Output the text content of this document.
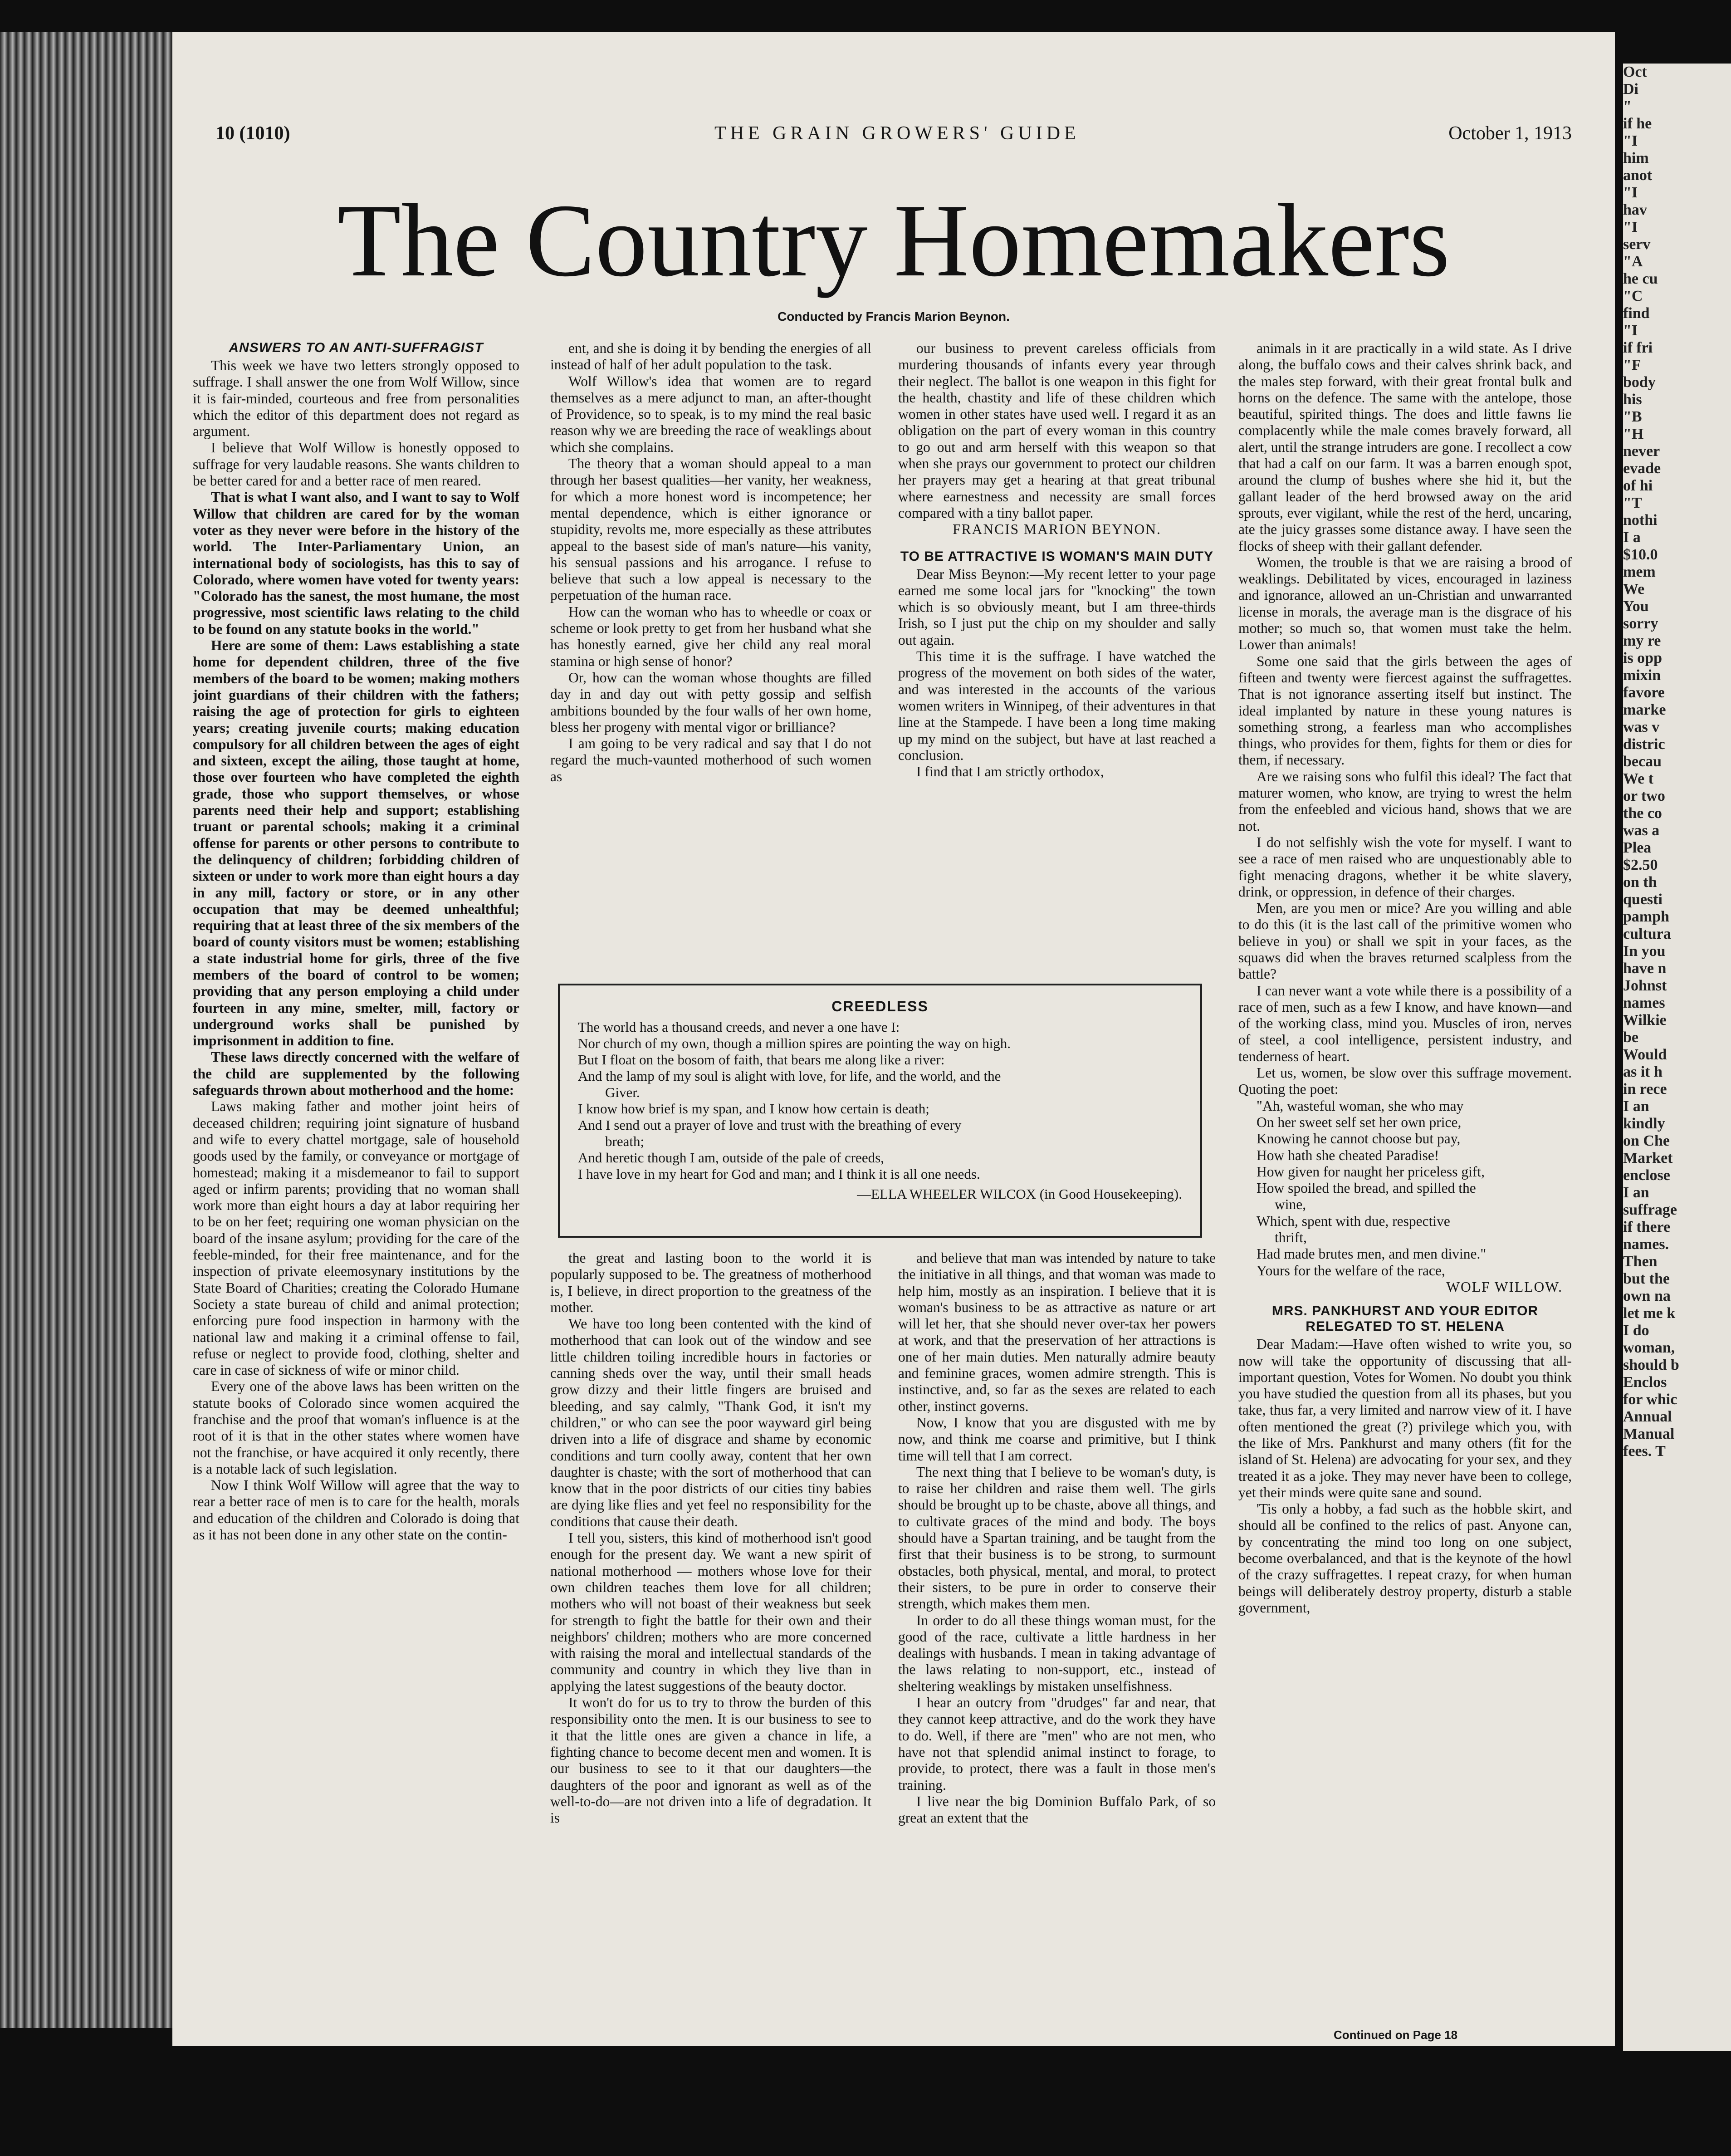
10 (1010)	THE GRAIN GROWERS' GUIDE	October 1, 1913
The Country Homemakers
Conducted by Francis Marion Beynon.
ANSWERS TO AN ANTI-SUFFRAGIST

This week we have two letters strongly opposed to suffrage. I shall answer the one from Wolf Willow, since it is fair-minded, courteous and free from personalities which the editor of this department does not regard as argument.

I believe that Wolf Willow is honestly opposed to suffrage for very laudable reasons. She wants children to be better cared for and a better race of men reared.

That is what I want also, and I want to say to Wolf Willow that children are cared for by the woman voter as they never were before in the history of the world. The Inter-Parliamentary Union, an international body of sociologists, has this to say of Colorado, where women have voted for twenty years: "Colorado has the sanest, the most humane, the most progressive, most scientific laws relating to the child to be found on any statute books in the world."

Here are some of them: Laws establishing a state home for dependent children, three of the five members of the board to be women; making mothers joint guardians of their children with the fathers; raising the age of protection for girls to eighteen years; creating juvenile courts; making education compulsory for all children between the ages of eight and sixteen, except the ailing, those taught at home, those over fourteen who have completed the eighth grade, those who support themselves, or whose parents need their help and support; establishing truant or parental schools; making it a criminal offense for parents or other persons to contribute to the delinquency of children; forbidding children of sixteen or under to work more than eight hours a day in any mill, factory or store, or in any other occupation that may be deemed unhealthful; requiring that at least three of the six members of the board of county visitors must be women; establishing a state industrial home for girls, three of the five members of the board of control to be women; providing that any person employing a child under fourteen in any mine, smelter, mill, factory or underground works shall be punished by imprisonment in addition to fine.

These laws directly concerned with the welfare of the child are supplemented by the following safeguards thrown about motherhood and the home:

Laws making father and mother joint heirs of deceased children; requiring joint signature of husband and wife to every chattel mortgage, sale of household goods used by the family, or conveyance or mortgage of homestead; making it a misdemeanor to fail to support aged or infirm parents; providing that no woman shall work more than eight hours a day at labor requiring her to be on her feet; requiring one woman physician on the board of the insane asylum; providing for the care of the feeble-minded, for their free maintenance, and for the inspection of private eleemosynary institutions by the State Board of Charities; creating the Colorado Humane Society a state bureau of child and animal protection; enforcing pure food inspection in harmony with the national law and making it a criminal offense to fail, refuse or neglect to provide food, clothing, shelter and care in case of sickness of wife or minor child.

Every one of the above laws has been written on the statute books of Colorado since women acquired the franchise and the proof that woman's influence is at the root of it is that in the other states where women have not the franchise, or have acquired it only recently, there is a notable lack of such legislation.

Now I think Wolf Willow will agree that the way to rear a better race of men is to care for the health, morals and education of the children and Colorado is doing that as it has not been done in any other state on the contin-

ent, and she is doing it by bending the energies of all instead of half of her adult population to the task.

Wolf Willow's idea that women are to regard themselves as a mere adjunct to man, an after-thought of Providence, so to speak, is to my mind the real basic reason why we are breeding the race of weaklings about which she complains.

The theory that a woman should appeal to a man through her basest qualities—her vanity, her weakness, for which a more honest word is incompetence; her mental dependence, which is either ignorance or stupidity, revolts me, more especially as these attributes appeal to the basest side of man's nature—his vanity, his sensual passions and his arrogance. I refuse to believe that such a low appeal is necessary to the perpetuation of the human race.

How can the woman who has to wheedle or coax or scheme or look pretty to get from her husband what she has honestly earned, give her child any real moral stamina or high sense of honor?

Or, how can the woman whose thoughts are filled day in and day out with petty gossip and selfish ambitions bounded by the four walls of her own home, bless her progeny with mental vigor or brilliance?

I am going to be very radical and say that I do not regard the much-vaunted motherhood of such women as

our business to prevent careless officials from murdering thousands of infants every year through their neglect. The ballot is one weapon in this fight for the health, chastity and life of these children which women in other states have used well. I regard it as an obligation on the part of every woman in this country to go out and arm herself with this weapon so that when she prays our government to protect our children her prayers may get a hearing at that great tribunal where earnestness and necessity are small forces compared with a tiny ballot paper.

FRANCIS MARION BEYNON.

TO BE ATTRACTIVE IS WOMAN'S MAIN DUTY

Dear Miss Beynon:—My recent letter to your page earned me some local jars for "knocking" the town which is so obviously meant, but I am three-thirds Irish, so I just put the chip on my shoulder and sally out again.

This time it is the suffrage. I have watched the progress of the movement on both sides of the water, and was interested in the accounts of the various women writers in Winnipeg, of their adventures in that line at the Stampede. I have been a long time making up my mind on the subject, but have at last reached a conclusion.

I find that I am strictly orthodox,

animals in it are practically in a wild state. As I drive along, the buffalo cows and their calves shrink back, and the males step forward, with their great frontal bulk and horns on the defence. The same with the antelope, those beautiful, spirited things. The does and little fawns lie complacently while the male comes bravely forward, all alert, until the strange intruders are gone. I recollect a cow that had a calf on our farm. It was a barren enough spot, around the clump of bushes where she hid it, but the gallant leader of the herd browsed away on the arid sprouts, ever vigilant, while the rest of the herd, uncaring, ate the juicy grasses some distance away. I have seen the flocks of sheep with their gallant defender.

Women, the trouble is that we are raising a brood of weaklings. Debilitated by vices, encouraged in laziness and ignorance, allowed an un-Christian and unwarranted license in morals, the average man is the disgrace of his mother; so much so, that women must take the helm. Lower than animals!

Some one said that the girls between the ages of fifteen and twenty were fiercest against the suffragettes. That is not ignorance asserting itself but instinct. The ideal implanted by nature in these young natures is something strong, a fearless man who accomplishes things, who provides for them, fights for them or dies for them, if necessary.

Are we raising sons who fulfil this ideal? The fact that maturer women, who know, are trying to wrest the helm from the enfeebled and vicious hand, shows that we are not.

I do not selfishly wish the vote for myself. I want to see a race of men raised who are unquestionably able to fight menacing dragons, whether it be white slavery, drink, or oppression, in defence of their charges.

Men, are you men or mice? Are you willing and able to do this (it is the last call of the primitive women who believe in you) or shall we spit in your faces, as the squaws did when the braves returned scalpless from the battle?

I can never want a vote while there is a possibility of a race of men, such as a few I know, and have known—and of the working class, mind you. Muscles of iron, nerves of steel, a cool intelligence, persistent industry, and tenderness of heart.

Let us, women, be slow over this suffrage movement. Quoting the poet:

"Ah, wasteful woman, she who may

On her sweet self set her own price,

Knowing he cannot choose but pay,

How hath she cheated Paradise!

How given for naught her priceless gift,

How spoiled the bread, and spilled the

wine,

Which, spent with due, respective

thrift,

Had made brutes men, and men divine."

Yours for the welfare of the race,

WOLF WILLOW.

MRS. PANKHURST AND YOUR EDITOR RELEGATED TO ST. HELENA

Dear Madam:—Have often wished to write you, so now will take the opportunity of discussing that all-important question, Votes for Women. No doubt you think you have studied the question from all its phases, but you take, thus far, a very limited and narrow view of it. I have often mentioned the great (?) privilege which you, with the like of Mrs. Pankhurst and many others (fit for the island of St. Helena) are advocating for your sex, and they treated it as a joke. They may never have been to college, yet their minds were quite sane and sound.

'Tis only a hobby, a fad such as the hobble skirt, and should all be confined to the relics of past. Anyone can, by concentrating the mind too long on one subject, become overbalanced, and that is the keynote of the howl of the crazy suffragettes. I repeat crazy, for when human beings will deliberately destroy property, disturb a stable government,

CREEDLESS

The world has a thousand creeds, and never a one have I:

Nor church of my own, though a million spires are pointing the way on high.

But I float on the bosom of faith, that bears me along like a river:

And the lamp of my soul is alight with love, for life, and the world, and the

Giver.

I know how brief is my span, and I know how certain is death;

And I send out a prayer of love and trust with the breathing of every

breath;

And heretic though I am, outside of the pale of creeds,

I have love in my heart for God and man; and I think it is all one needs.

—ELLA WHEELER WILCOX (in Good Housekeeping).

the great and lasting boon to the world it is popularly supposed to be. The greatness of motherhood is, I believe, in direct proportion to the greatness of the mother.

We have too long been contented with the kind of motherhood that can look out of the window and see little children toiling incredible hours in factories or canning sheds over the way, until their small heads grow dizzy and their little fingers are bruised and bleeding, and say calmly, "Thank God, it isn't my children," or who can see the poor wayward girl being driven into a life of disgrace and shame by economic conditions and turn coolly away, content that her own daughter is chaste; with the sort of motherhood that can know that in the poor districts of our cities tiny babies are dying like flies and yet feel no responsibility for the conditions that cause their death.

I tell you, sisters, this kind of motherhood isn't good enough for the present day. We want a new spirit of national motherhood — mothers whose love for their own children teaches them love for all children; mothers who will not boast of their weakness but seek for strength to fight the battle for their own and their neighbors' children; mothers who are more concerned with raising the moral and intellectual standards of the community and country in which they live than in applying the latest suggestions of the beauty doctor.

It won't do for us to try to throw the burden of this responsibility onto the men. It is our business to see to it that the little ones are given a chance in life, a fighting chance to become decent men and women. It is our business to see to it that our daughters—the daughters of the poor and ignorant as well as of the well-to-do—are not driven into a life of degradation. It is

and believe that man was intended by nature to take the initiative in all things, and that woman was made to help him, mostly as an inspiration. I believe that it is woman's business to be as attractive as nature or art will let her, that she should never over-tax her powers at work, and that the preservation of her attractions is one of her main duties. Men naturally admire beauty and feminine graces, women admire strength. This is instinctive, and, so far as the sexes are related to each other, instinct governs.

Now, I know that you are disgusted with me by now, and think me coarse and primitive, but I think time will tell that I am correct.

The next thing that I believe to be woman's duty, is to raise her children and raise them well. The girls should be brought up to be chaste, above all things, and to cultivate graces of the mind and body. The boys should have a Spartan training, and be taught from the first that their business is to be strong, to surmount obstacles, both physical, mental, and moral, to protect their sisters, to be pure in order to conserve their strength, which makes them men.

In order to do all these things woman must, for the good of the race, cultivate a little hardness in her dealings with husbands. I mean in taking advantage of the laws relating to non-support, etc., instead of sheltering weaklings by mistaken unselfishness.

I hear an outcry from "drudges" far and near, that they cannot keep attractive, and do the work they have to do. Well, if there are "men" who are not men, who have not that splendid animal instinct to forage, to provide, to protect, there was a fault in those men's training.

I live near the big Dominion Buffalo Park, of so great an extent that the

Continued on Page 18
Oct
Di
"
if he
"I
him
anot
"I
hav
"I
serv
"A
he cu
"C
find
"I
if fri
"F
body
his
"B
"H
never
evade
of hi
"T
nothi
I a
$10.0
mem
We
You
sorry
my re
is opp
mixin
favore
marke
was v
distric
becau
We t
or two
the co
was a
Plea
$2.50
on th
questi
pamph
cultura
In you
have n
Johnst
names
Wilkie
be
Would
as it h
in rece
I an
kindly
on Che
Market
enclose
I an
suffrage
if there
names.
Then
but the
own na
let me k
I do
woman,
should b
Enclos
for whic
Annual
Manual
fees. T
